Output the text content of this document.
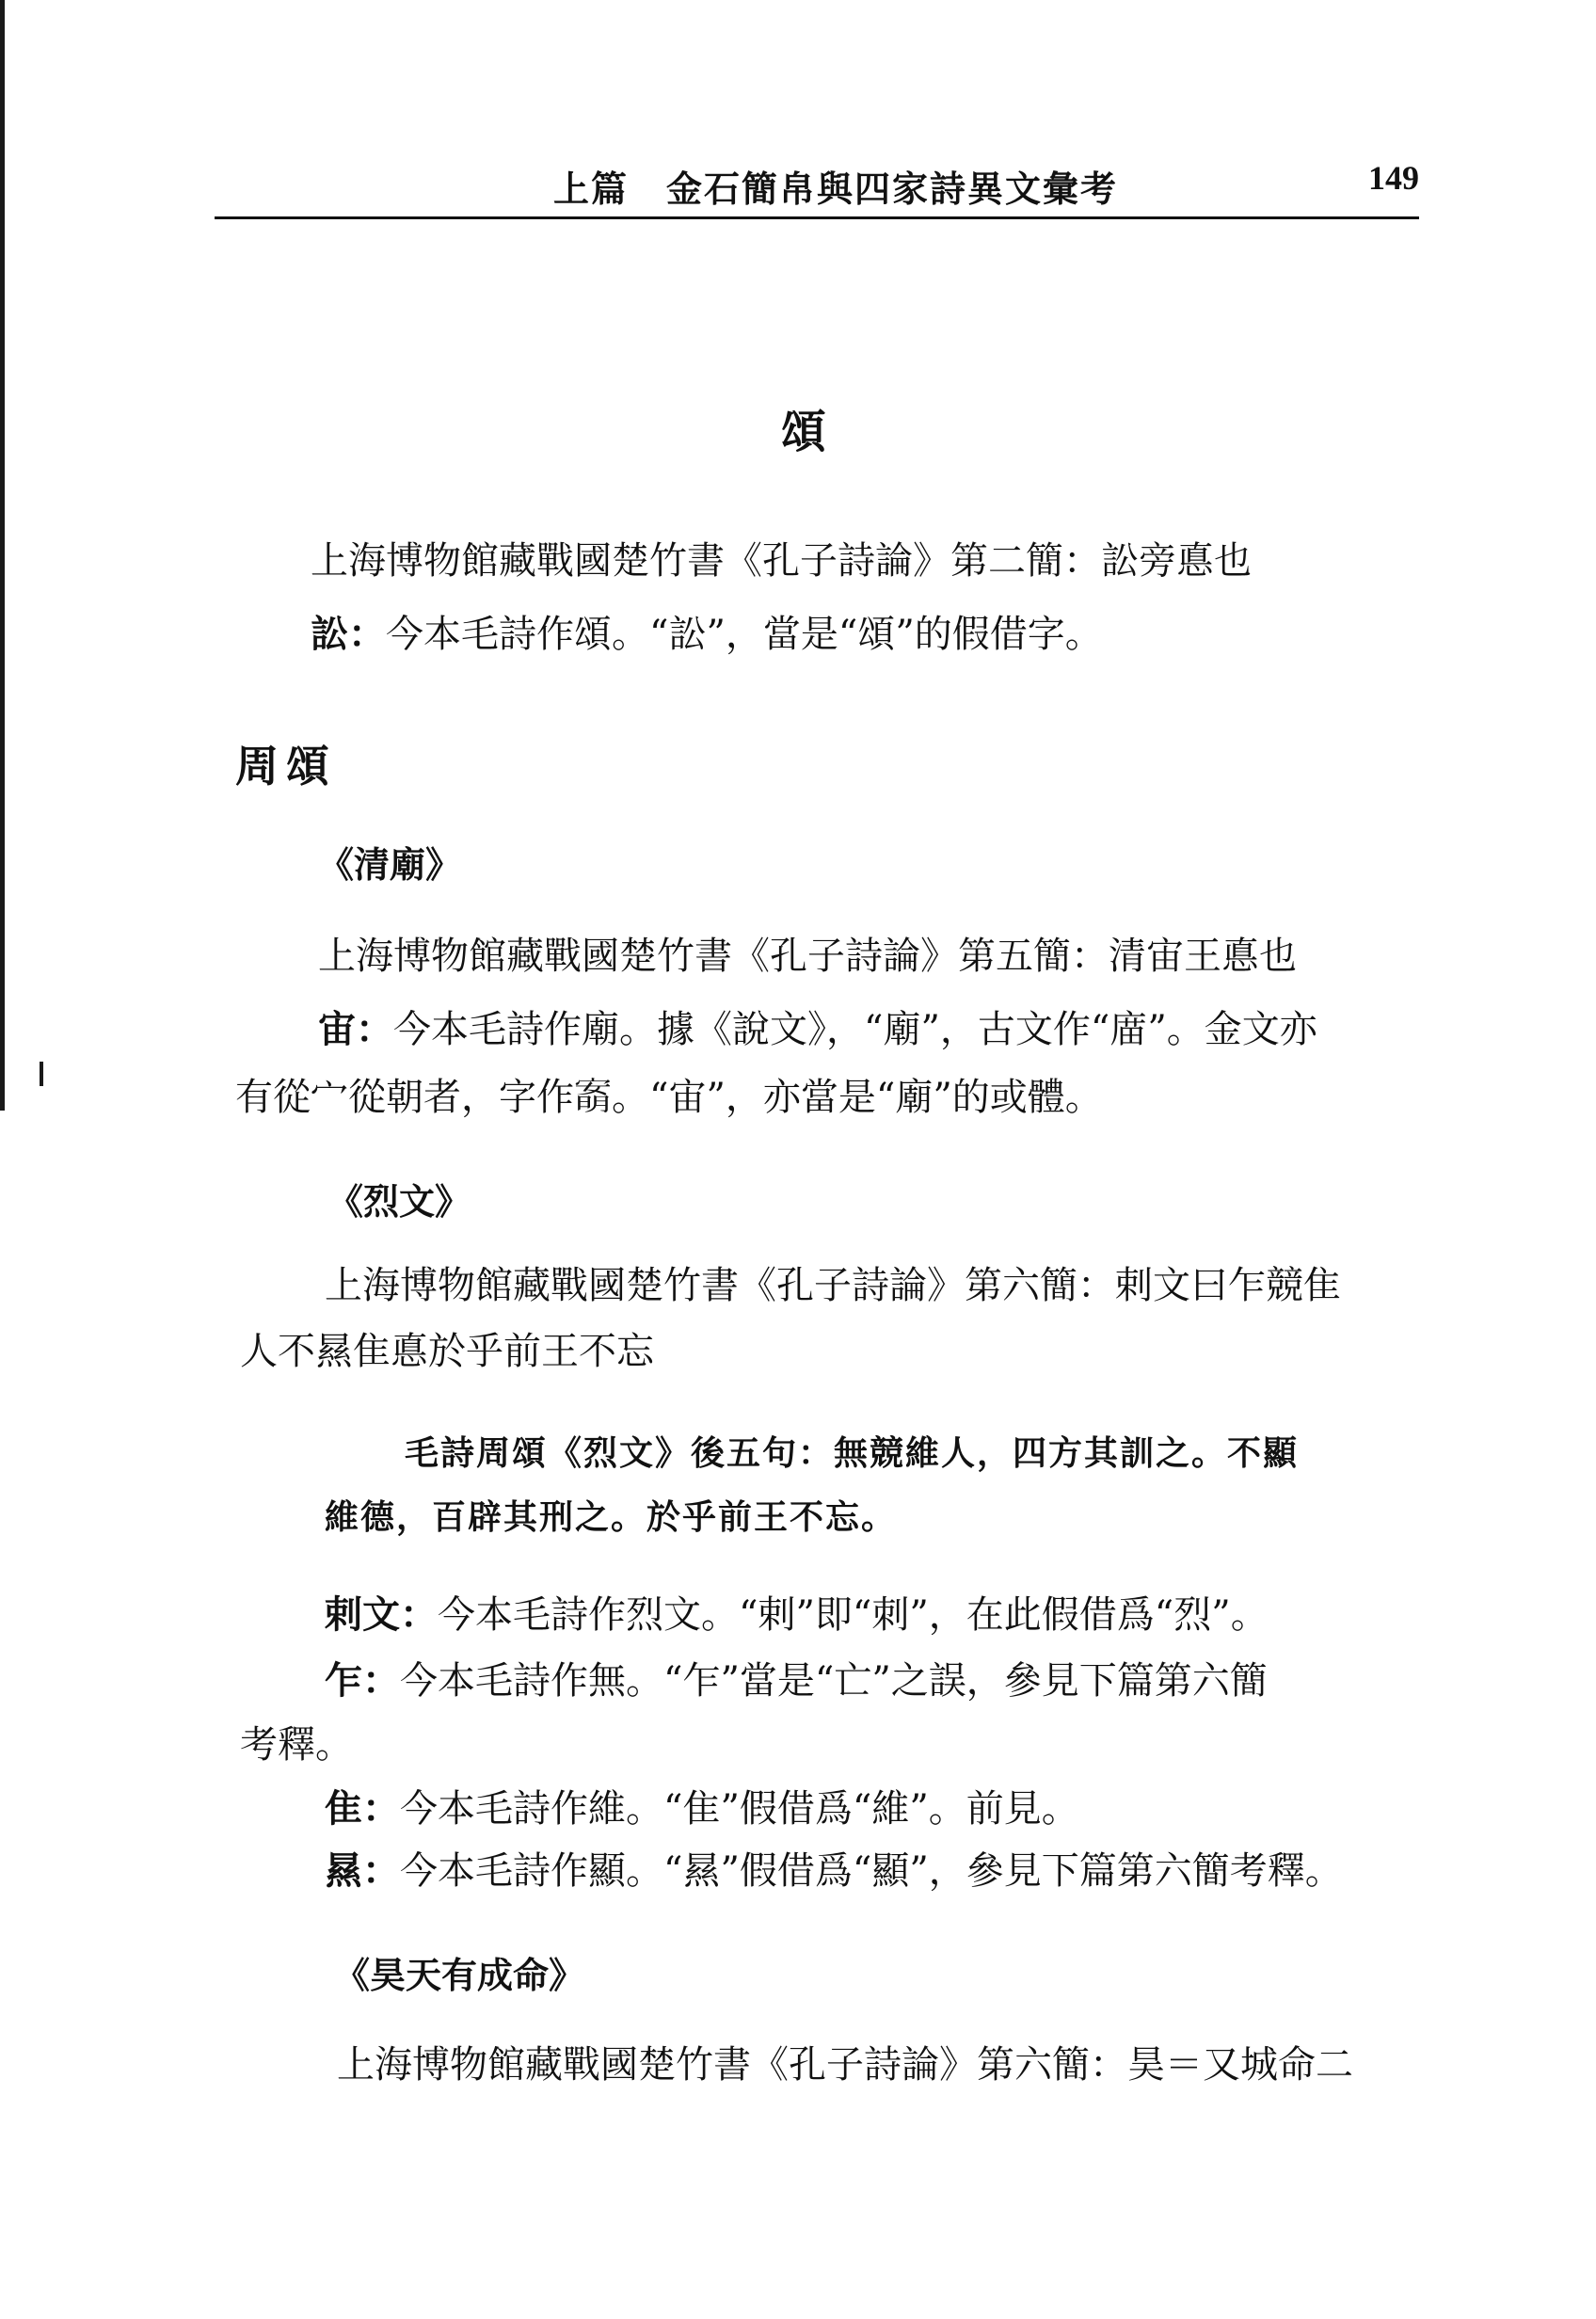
上篇　金石簡帛與四家詩異文彙考	149
頌
上海博物館藏戰國楚竹書《孔子詩論》第二簡：訟旁悳也
訟：今本毛詩作頌。“訟”，當是“頌”的假借字。
周頌
《清廟》
上海博物館藏戰國楚竹書《孔子詩論》第五簡：清宙王悳也
宙：今本毛詩作廟。據《說文》，“廟”，古文作“庿”。金文亦
有從宀從朝者，字作𡪙。“宙”，亦當是“廟”的或體。
《烈文》
上海博物館藏戰國楚竹書《孔子詩論》第六簡：剌文曰乍競隹
人不㬎隹悳於乎前王不忘
毛詩周頌《烈文》後五句：無競維人，四方其訓之。不顯
維德，百辟其刑之。於乎前王不忘。
剌文：今本毛詩作烈文。“剌”即“刺”，在此假借爲“烈”。
乍：今本毛詩作無。“乍”當是“亡”之誤，參見下篇第六簡
考釋。
隹：今本毛詩作維。“隹”假借爲“維”。前見。
㬎：今本毛詩作顯。“㬎”假借爲“顯”，參見下篇第六簡考釋。
《昊天有成命》
上海博物館藏戰國楚竹書《孔子詩論》第六簡：昊＝又城命二
